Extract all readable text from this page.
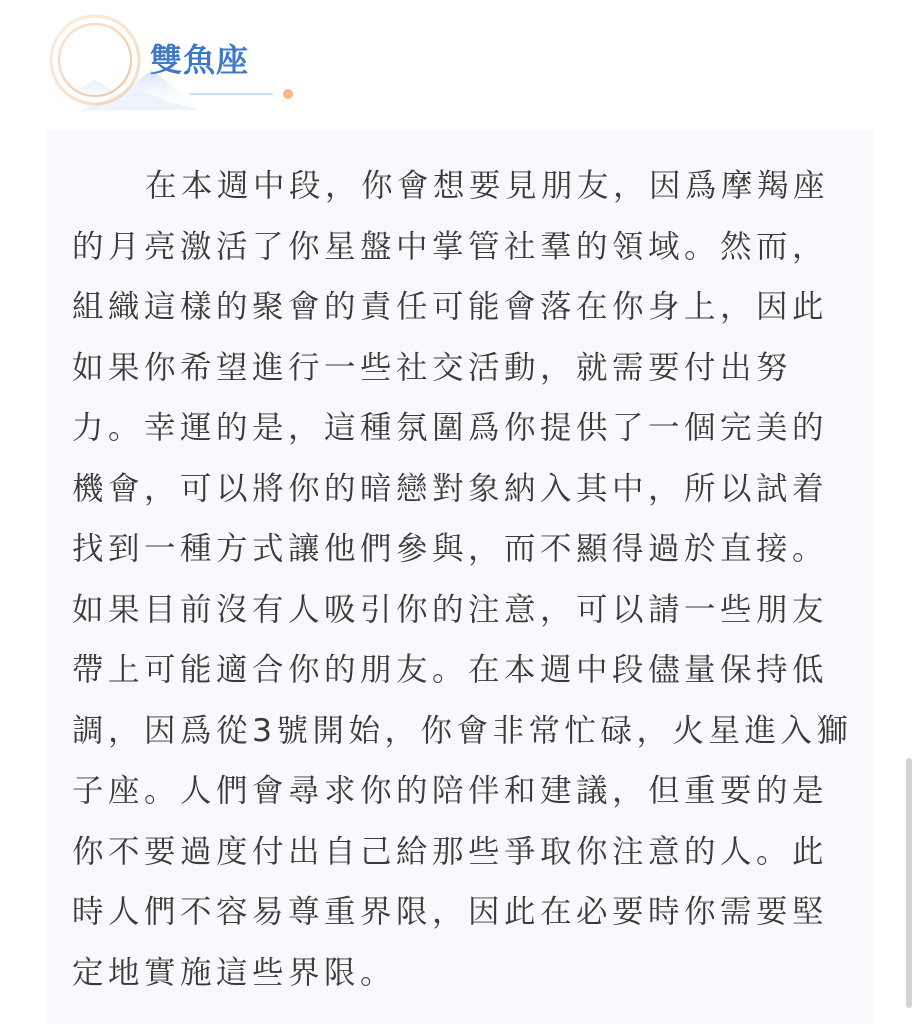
雙魚座

在本週中段，你會想要見朋友，因爲摩羯座的月亮激活了你星盤中掌管社羣的領域。然而，組織這樣的聚會的責任可能會落在你身上，因此如果你希望進行一些社交活動，就需要付出努力。幸運的是，這種氛圍爲你提供了一個完美的機會，可以將你的暗戀對象納入其中，所以試着找到一種方式讓他們參與，而不顯得過於直接。如果目前沒有人吸引你的注意，可以請一些朋友帶上可能適合你的朋友。在本週中段儘量保持低調，因爲從3號開始，你會非常忙碌，火星進入獅子座。人們會尋求你的陪伴和建議，但重要的是你不要過度付出自己給那些爭取你注意的人。此時人們不容易尊重界限，因此在必要時你需要堅定地實施這些界限。
